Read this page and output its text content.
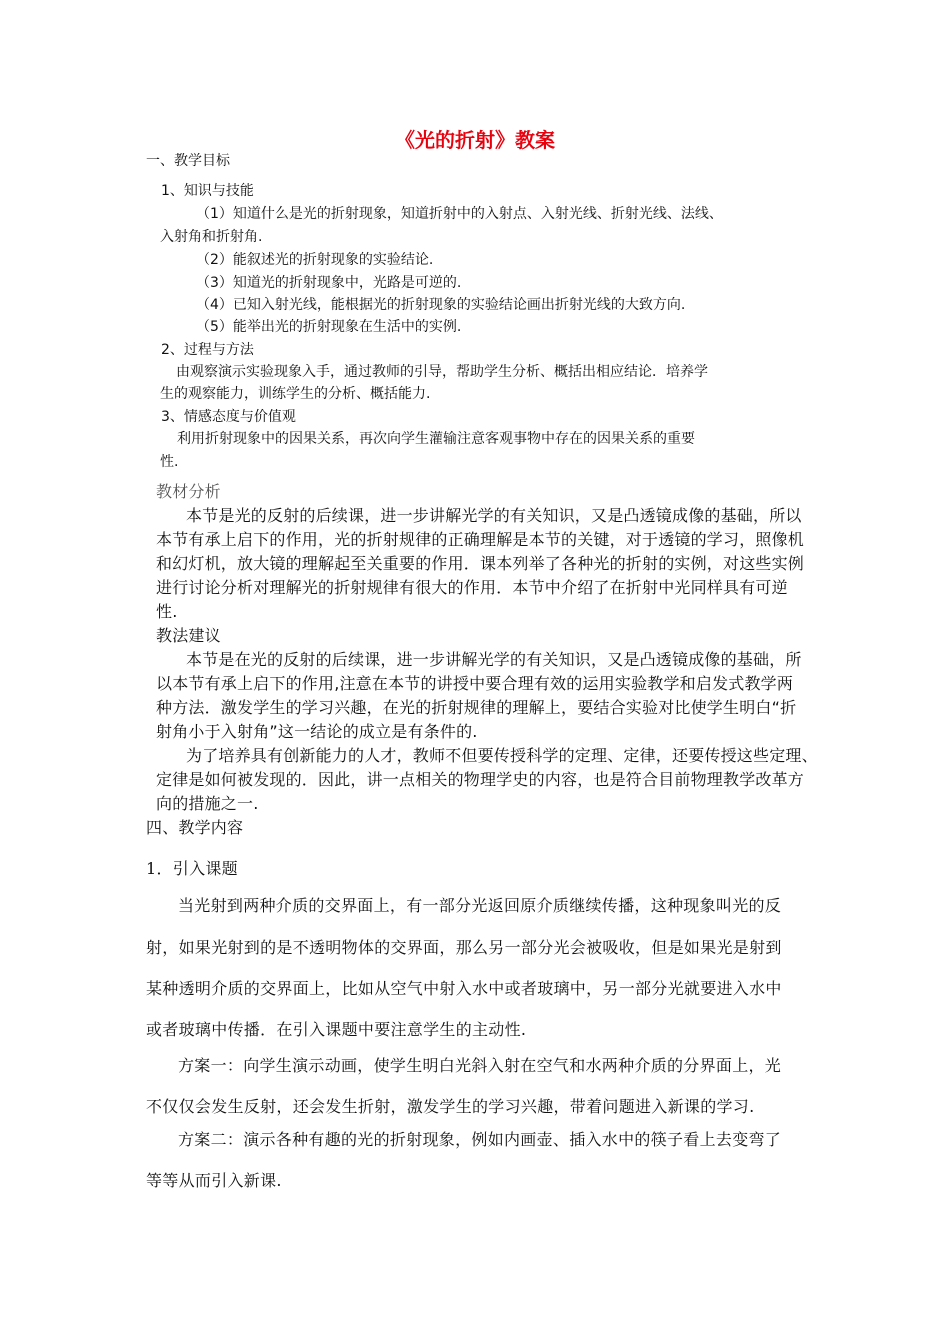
《光的折射》教案
一、教学目标
1、知识与技能
（1）知道什么是光的折射现象，知道折射中的入射点、入射光线、折射光线、法线、
入射角和折射角.
（2）能叙述光的折射现象的实验结论.
（3）知道光的折射现象中，光路是可逆的.
（4）已知入射光线，能根据光的折射现象的实验结论画出折射光线的大致方向.
（5）能举出光的折射现象在生活中的实例.
2、过程与方法
由观察演示实验现象入手，通过教师的引导，帮助学生分析、概括出相应结论．培养学
生的观察能力，训练学生的分析、概括能力.
3、情感态度与价值观
利用折射现象中的因果关系，再次向学生灌输注意客观事物中存在的因果关系的重要
性.
教材分析
本节是光的反射的后续课，进一步讲解光学的有关知识，又是凸透镜成像的基础，所以
本节有承上启下的作用，光的折射规律的正确理解是本节的关键，对于透镜的学习，照像机
和幻灯机，放大镜的理解起至关重要的作用．课本列举了各种光的折射的实例，对这些实例
进行讨论分析对理解光的折射规律有很大的作用．本节中介绍了在折射中光同样具有可逆
性.
教法建议
本节是在光的反射的后续课，进一步讲解光学的有关知识，又是凸透镜成像的基础，所
以本节有承上启下的作用,注意在本节的讲授中要合理有效的运用实验教学和启发式教学两
种方法．激发学生的学习兴趣，在光的折射规律的理解上，要结合实验对比使学生明白“折
射角小于入射角”这一结论的成立是有条件的.
为了培养具有创新能力的人才，教师不但要传授科学的定理、定律，还要传授这些定理、
定律是如何被发现的．因此，讲一点相关的物理学史的内容，也是符合目前物理教学改革方
向的措施之一.
四、教学内容
1．引入课题
当光射到两种介质的交界面上，有一部分光返回原介质继续传播，这种现象叫光的反
射，如果光射到的是不透明物体的交界面，那么另一部分光会被吸收，但是如果光是射到
某种透明介质的交界面上，比如从空气中射入水中或者玻璃中，另一部分光就要进入水中
或者玻璃中传播．在引入课题中要注意学生的主动性.
方案一：向学生演示动画，使学生明白光斜入射在空气和水两种介质的分界面上，光
不仅仅会发生反射，还会发生折射，激发学生的学习兴趣，带着问题进入新课的学习.
方案二：演示各种有趣的光的折射现象，例如内画壶、插入水中的筷子看上去变弯了
等等从而引入新课.
